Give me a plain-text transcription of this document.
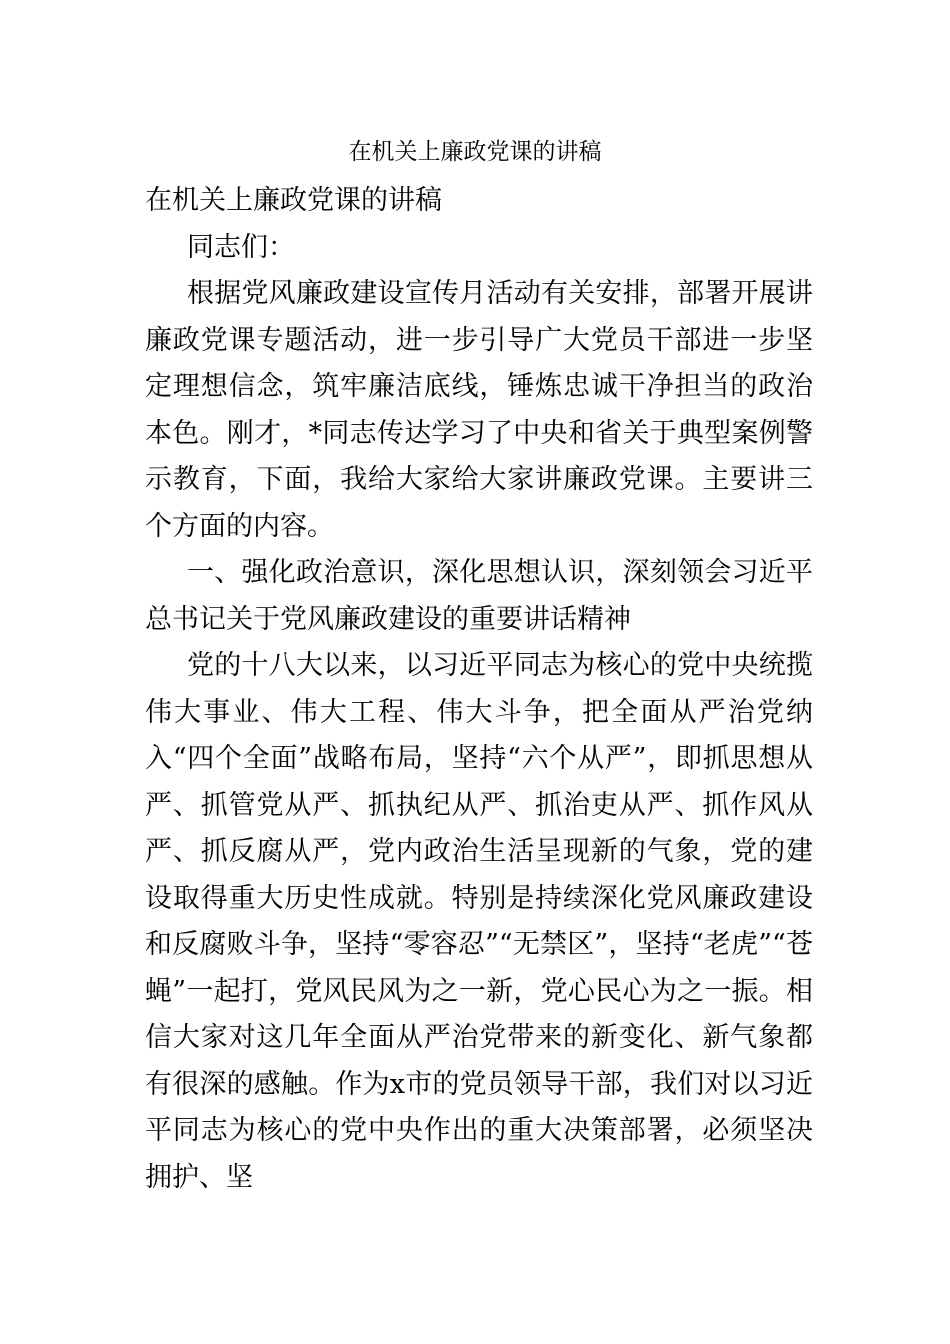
在机关上廉政党课的讲稿

在机关上廉政党课的讲稿

同志们：

根据党风廉政建设宣传月活动有关安排，部署开展讲廉政党课专题活动，进一步引导广大党员干部进一步坚定理想信念，筑牢廉洁底线，锤炼忠诚干净担当的政治本色。刚才，*同志传达学习了中央和省关于典型案例警示教育，下面，我给大家给大家讲廉政党课。主要讲三个方面的内容。

一、强化政治意识，深化思想认识，深刻领会习近平总书记关于党风廉政建设的重要讲话精神

党的十八大以来，以习近平同志为核心的党中央统揽伟大事业、伟大工程、伟大斗争，把全面从严治党纳入“四个全面”战略布局，坚持“六个从严”，即抓思想从严、抓管党从严、抓执纪从严、抓治吏从严、抓作风从严、抓反腐从严，党内政治生活呈现新的气象，党的建设取得重大历史性成就。特别是持续深化党风廉政建设和反腐败斗争，坚持“零容忍”“无禁区”，坚持“老虎”“苍蝇”一起打，党风民风为之一新，党心民心为之一振。相信大家对这几年全面从严治党带来的新变化、新气象都有很深的感触。作为x市的党员领导干部，我们对以习近平同志为核心的党中央作出的重大决策部署，必须坚决拥护、坚
